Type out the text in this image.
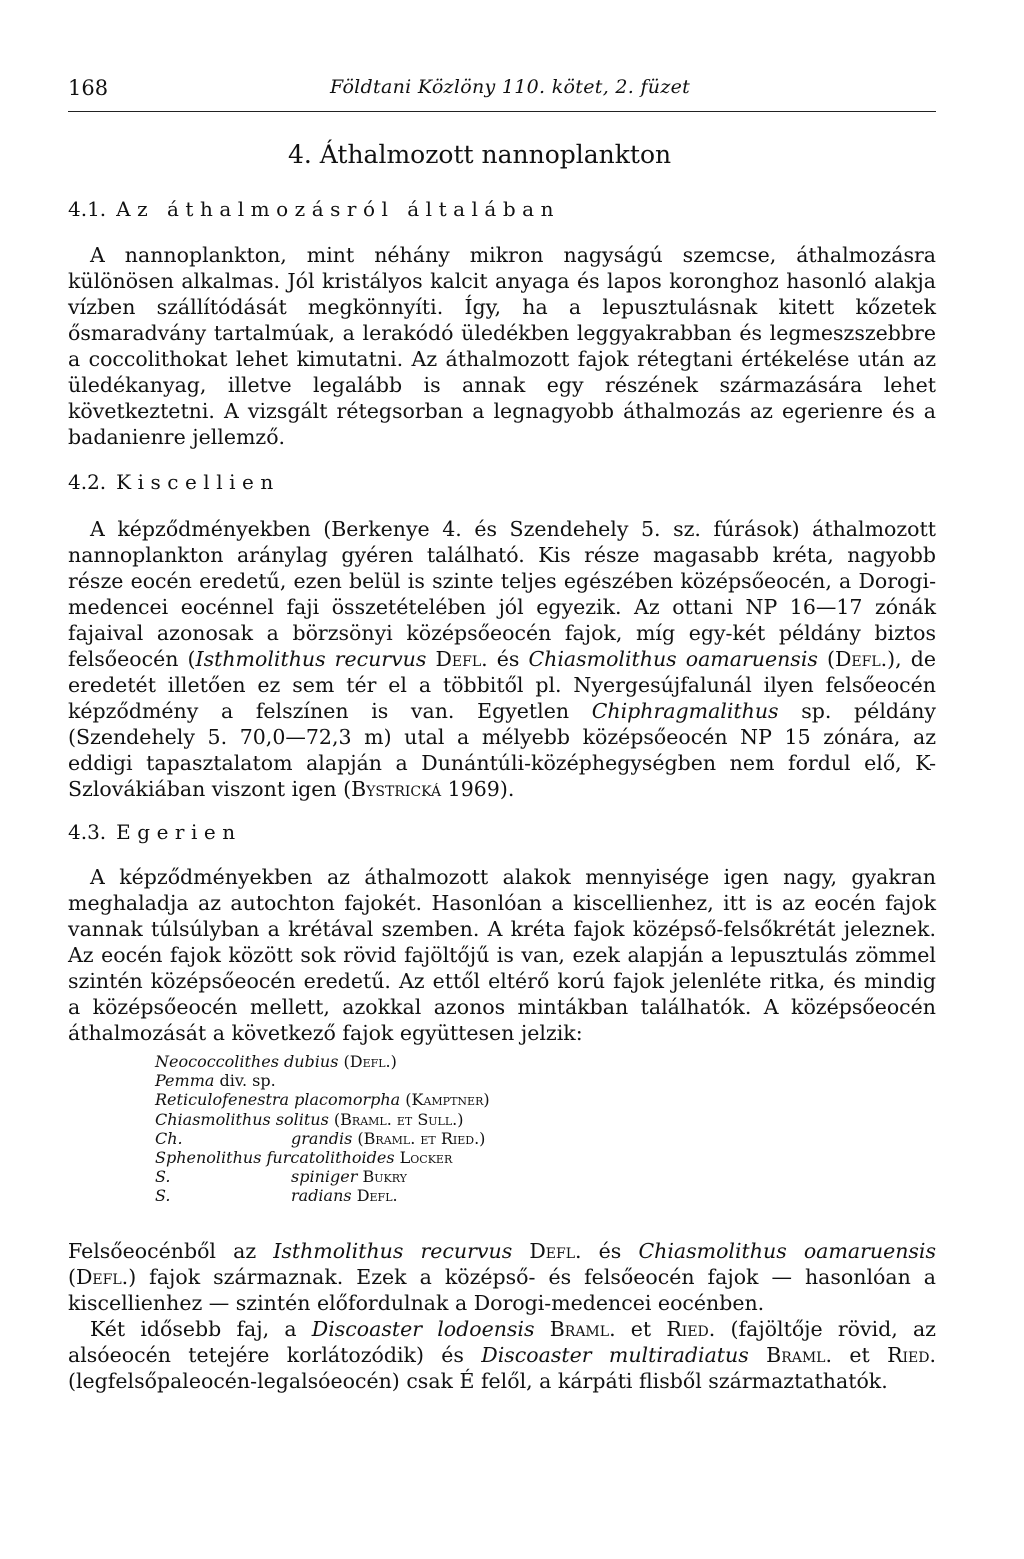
168	Földtani Közlöny 110. kötet, 2. füzet
4. Áthalmozott nannoplankton
4.1. Az áthalmozásról általában

A nannoplankton, mint néhány mikron nagyságú szemcse, áthalmozásra különösen alkalmas. Jól kristályos kalcit anyaga és lapos koronghoz hasonló alakja vízben szállítódását megkönnyíti. Így, ha a lepusztulásnak kitett kőzetek ősmaradvány tartalmúak, a lerakódó üledékben leggyakrabban és legmeszszebbre a coccolithokat lehet kimutatni. Az áthalmozott fajok rétegtani értékelése után az üledékanyag, illetve legalább is annak egy részének származására lehet következtetni. A vizsgált rétegsorban a legnagyobb áthalmozás az egerienre és a badanienre jellemző.

4.2. Kiscellien

A képződményekben (Berkenye 4. és Szendehely 5. sz. fúrások) áthalmozott nannoplankton aránylag gyéren található. Kis része magasabb kréta, nagyobb része eocén eredetű, ezen belül is szinte teljes egészében középsőeocén, a Dorogi-medencei eocénnel faji összetételében jól egyezik. Az ottani NP 16—17 zónák fajaival azonosak a börzsönyi középsőeocén fajok, míg egy-két példány biztos felsőeocén (Isthmolithus recurvus Defl. és Chiasmolithus oamaruensis (Defl.), de eredetét illetően ez sem tér el a többitől pl. Nyergesújfalunál ilyen felsőeocén képződmény a felszínen is van. Egyetlen Chiphragmalithus sp. példány (Szendehely 5. 70,0—72,3 m) utal a mélyebb középsőeocén NP 15 zónára, az eddigi tapasztalatom alapján a Dunántúli-középhegységben nem fordul elő, K-Szlovákiában viszont igen (Bystrická 1969).

4.3. Egerien

A képződményekben az áthalmozott alakok mennyisége igen nagy, gyakran meghaladja az autochton fajokét. Hasonlóan a kiscellienhez, itt is az eocén fajok vannak túlsúlyban a krétával szemben. A kréta fajok középső-felsőkrétát jeleznek. Az eocén fajok között sok rövid fajöltőjű is van, ezek alapján a lepusztulás zömmel szintén középsőeocén eredetű. Az ettől eltérő korú fajok jelenléte ritka, és mindig a középsőeocén mellett, azokkal azonos mintákban találhatók. A középsőeocén áthalmozását a következő fajok együttesen jelzik:

Neococcolithes dubius (Defl.)
Pemma div. sp.
Reticulofenestra placomorpha (Kamptner)
Chiasmolithus solitus (Braml. et Sull.)
Ch.	grandis (Braml. et Ried.)
Sphenolithus furcatolithoides Locker
S.	spiniger Bukry
S.	radians Defl.

Felsőeocénből az Isthmolithus recurvus Defl. és Chiasmolithus oamaruensis (Defl.) fajok származnak. Ezek a középső- és felsőeocén fajok — hasonlóan a kiscellienhez — szintén előfordulnak a Dorogi-medencei eocénben.

Két idősebb faj, a Discoaster lodoensis Braml. et Ried. (fajöltője rövid, az alsóeocén tetejére korlátozódik) és Discoaster multiradiatus Braml. et Ried. (legfelsőpaleocén-legalsóeocén) csak É felől, a kárpáti flisből származtathatók.
